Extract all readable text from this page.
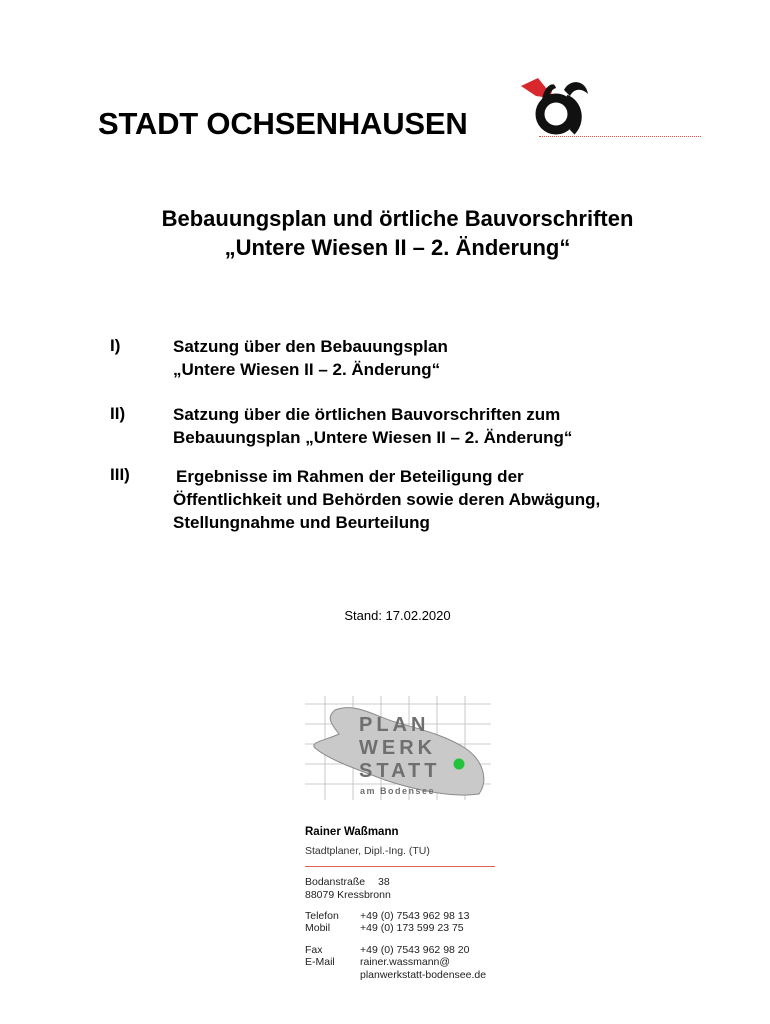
STADT OCHSENHAUSEN
Bebauungsplan und örtliche Bauvorschriften
„Untere Wiesen II – 2. Änderung“
I)	Satzung über den Bebauungsplan
„Untere Wiesen II – 2. Änderung“
II)	Satzung über die örtlichen Bauvorschriften zum
Bebauungsplan „Untere Wiesen II – 2. Änderung“
III)	Ergebnisse im Rahmen der Beteiligung der
Öffentlichkeit und Behörden sowie deren Abwägung,
Stellungnahme und Beurteilung
Stand: 17.02.2020
PLAN
WERK
STATT
am Bodensee
Rainer Waßmann
Stadtplaner, Dipl.-Ing. (TU)
Bodanstraße 38
88079 Kressbronn
Telefon +49 (0) 7543 962 98 13
Mobil	+49 (0) 173 599 23 75
Fax	+49 (0) 7543 962 98 20
E-Mail rainer.wassmann@
planwerkstatt-bodensee.de
